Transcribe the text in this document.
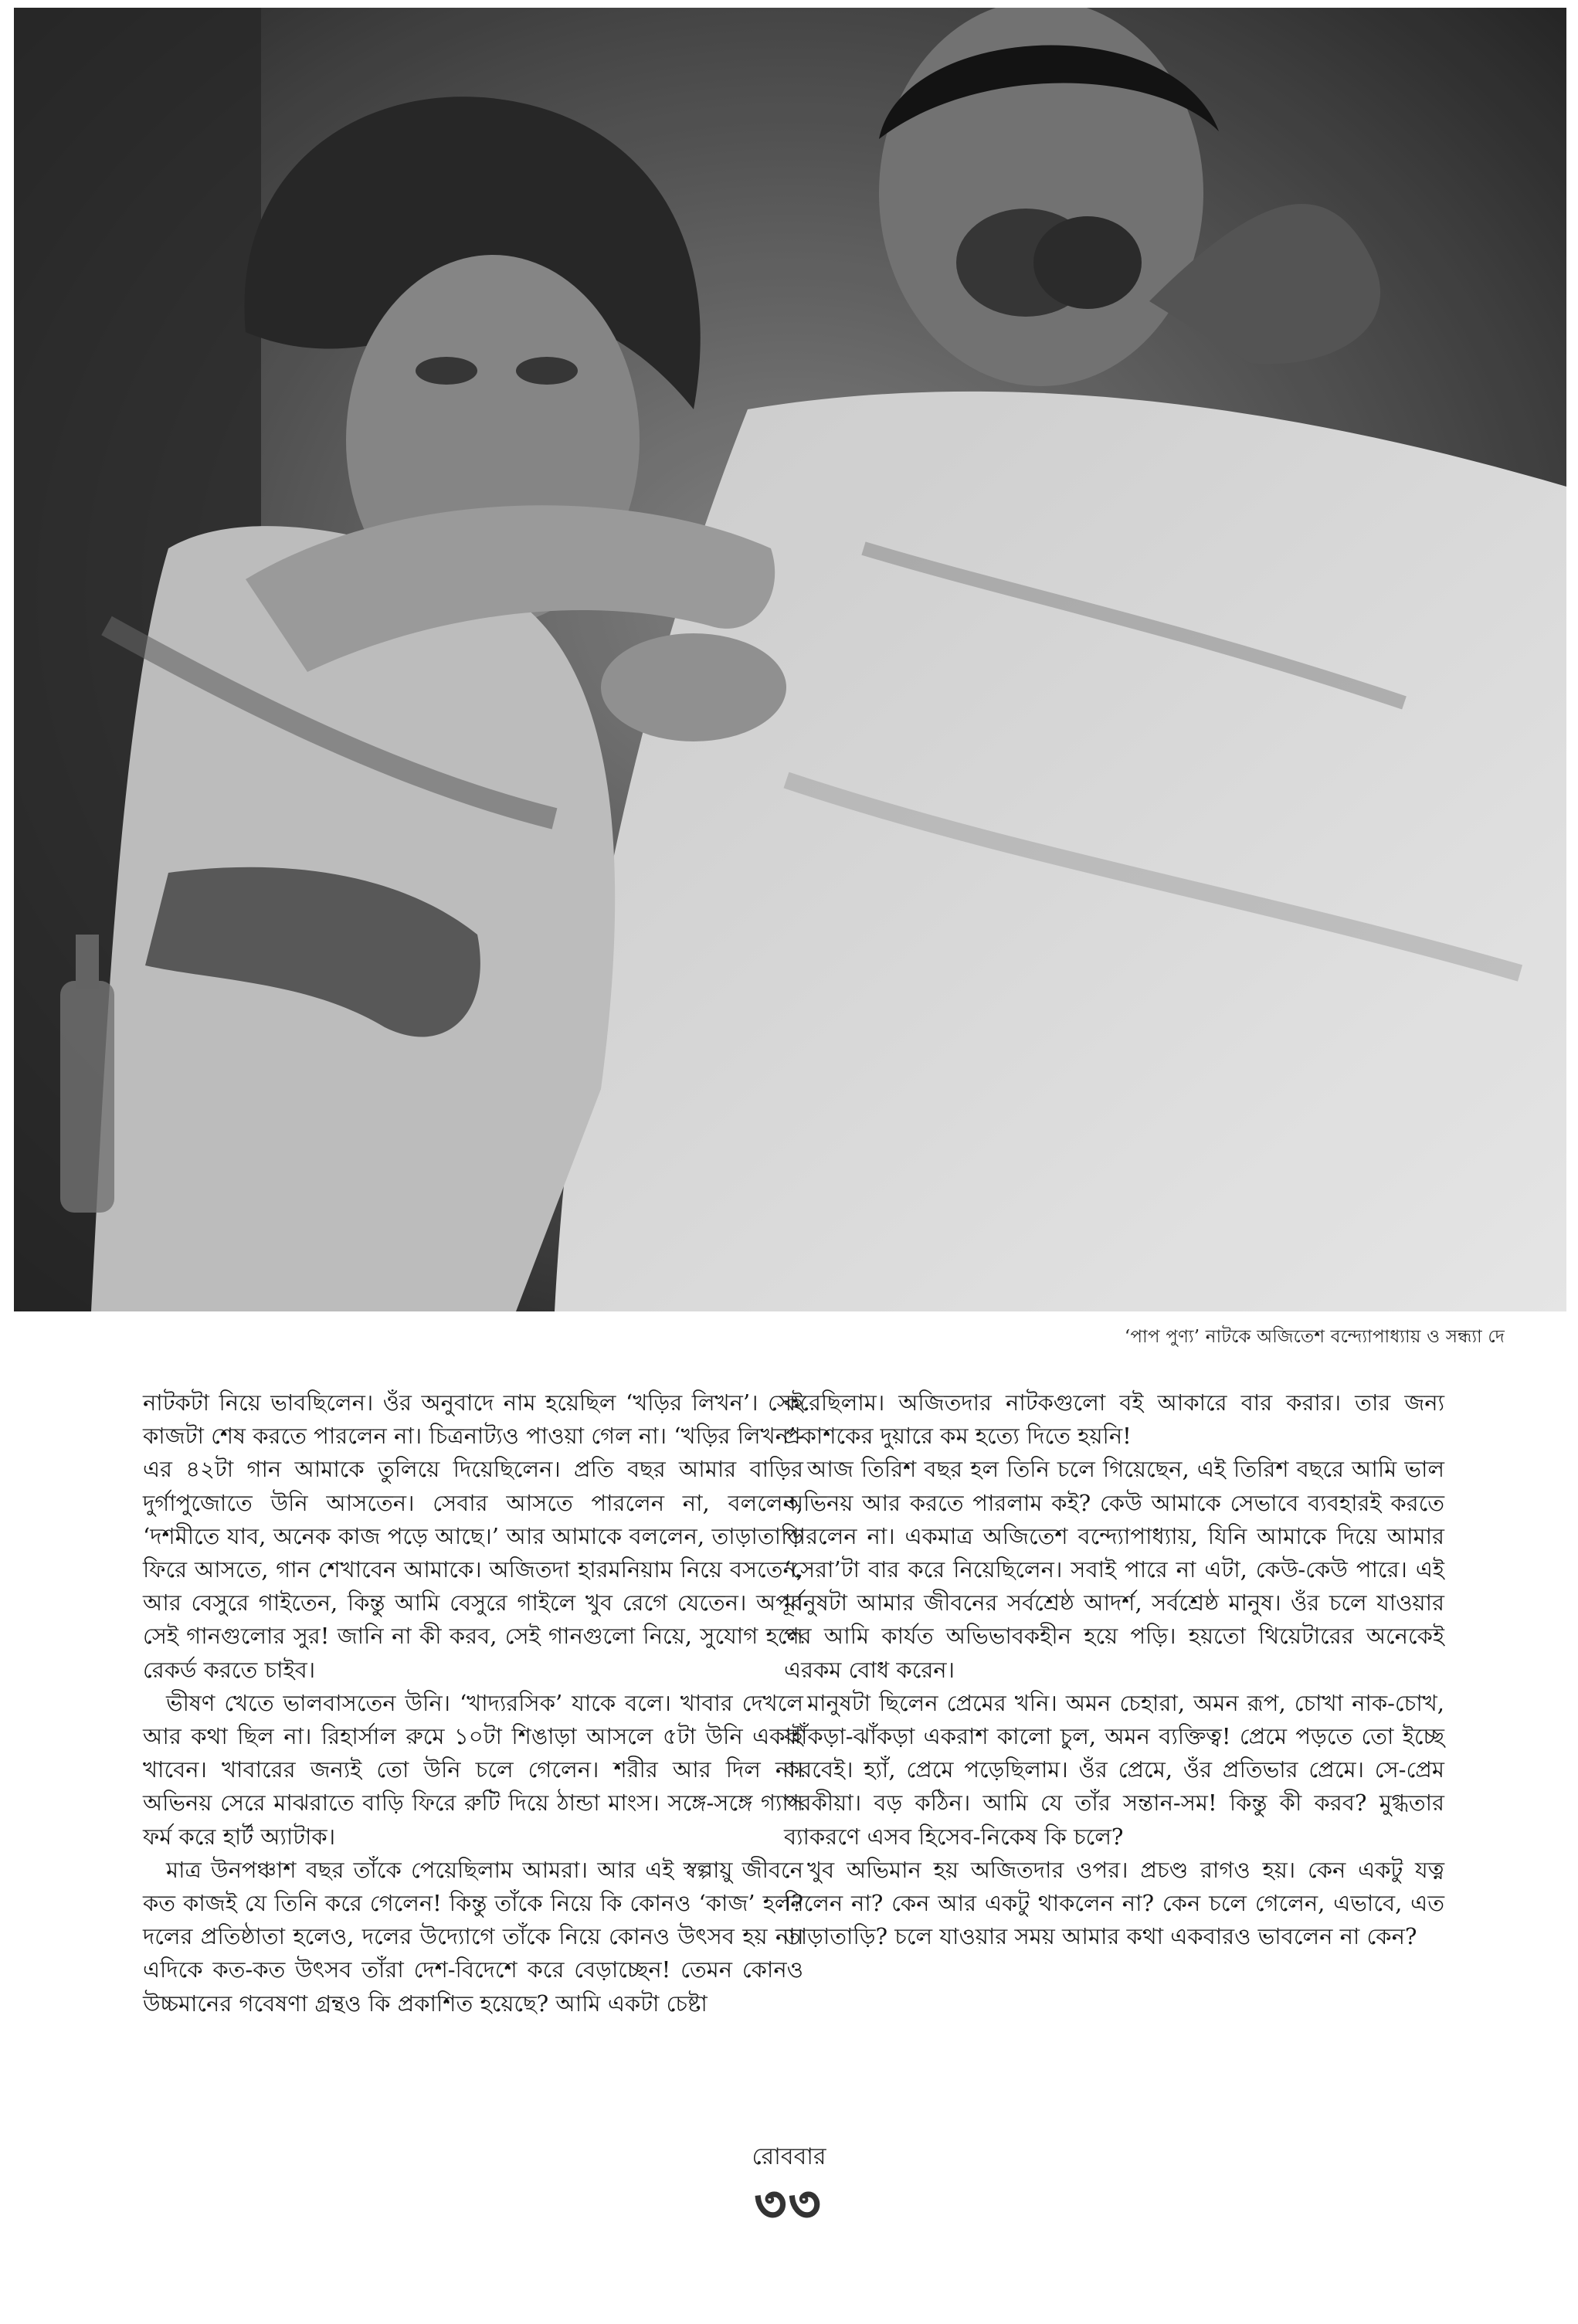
‘পাপ পুণ্য’ নাটকে অজিতেশ বন্দ্যোপাধ্যায় ও সন্ধ্যা দে

নাটকটা নিয়ে ভাবছিলেন। ওঁর অনুবাদে নাম হয়েছিল ‘খড়ির লিখন’। সেই কাজটা শেষ করতে পারলেন না। চিত্রনাট্যও পাওয়া গেল না। ‘খড়ির লিখন’-এর ৪২টা গান আমাকে তুলিয়ে দিয়েছিলেন। প্রতি বছর আমার বাড়ির দুর্গাপুজোতে উনি আসতেন। সেবার আসতে পারলেন না, বললেন, ‘দশমীতে যাব, অনেক কাজ পড়ে আছে।’ আর আমাকে বললেন, তাড়াতাড়ি ফিরে আসতে, গান শেখাবেন আমাকে। অজিতদা হারমনিয়াম নিয়ে বসতেন, আর বেসুরে গাইতেন, কিন্তু আমি বেসুরে গাইলে খুব রেগে যেতেন। অপূর্ব সেই গানগুলোর সুর! জানি না কী করব, সেই গানগুলো নিয়ে, সুযোগ হলে রেকর্ড করতে চাইব।

ভীষণ খেতে ভালবাসতেন উনি। ‘খাদ্যরসিক’ যাকে বলে। খাবার দেখলে আর কথা ছিল না। রিহার্সাল রুমে ১০টা শিঙাড়া আসলে ৫টা উনি একাই খাবেন। খাবারের জন্যই তো উনি চলে গেলেন। শরীর আর দিল না। অভিনয় সেরে মাঝরাতে বাড়ি ফিরে রুটি দিয়ে ঠান্ডা মাংস। সঙ্গে-সঙ্গে গ্যাস ফর্ম করে হার্ট অ্যাটাক।

মাত্র উনপঞ্চাশ বছর তাঁকে পেয়েছিলাম আমরা। আর এই স্বল্পায়ু জীবনে কত কাজই যে তিনি করে গেলেন! কিন্তু তাঁকে নিয়ে কি কোনও ‘কাজ’ হল? দলের প্রতিষ্ঠাতা হলেও, দলের উদ্যোগে তাঁকে নিয়ে কোনও উৎসব হয় না। এদিকে কত-কত উৎসব তাঁরা দেশ-বিদেশে করে বেড়াচ্ছেন! তেমন কোনও উচ্চমানের গবেষণা গ্রন্থও কি প্রকাশিত হয়েছে? আমি একটা চেষ্টা

করেছিলাম। অজিতদার নাটকগুলো বই আকারে বার করার। তার জন্য প্রকাশকের দুয়ারে কম হত্যে দিতে হয়নি!

আজ তিরিশ বছর হল তিনি চলে গিয়েছেন, এই তিরিশ বছরে আমি ভাল অভিনয় আর করতে পারলাম কই? কেউ আমাকে সেভাবে ব্যবহারই করতে পারলেন না। একমাত্র অজিতেশ বন্দ্যোপাধ্যায়, যিনি আমাকে দিয়ে আমার ‘সেরা’টা বার করে নিয়েছিলেন। সবাই পারে না এটা, কেউ-কেউ পারে। এই মানুষটা আমার জীবনের সর্বশ্রেষ্ঠ আদর্শ, সর্বশ্রেষ্ঠ মানুষ। ওঁর চলে যাওয়ার পর আমি কার্যত অভিভাবকহীন হয়ে পড়ি। হয়তো থিয়েটারের অনেকেই এরকম বোধ করেন।

মানুষটা ছিলেন প্রেমের খনি। অমন চেহারা, অমন রূপ, চোখা নাক-চোখ, ঝাঁকড়া-ঝাঁকড়া একরাশ কালো চুল, অমন ব্যক্তিত্ব! প্রেমে পড়তে তো ইচ্ছে করবেই। হ্যাঁ, প্রেমে পড়েছিলাম। ওঁর প্রেমে, ওঁর প্রতিভার প্রেমে। সে-প্রেম পরকীয়া। বড় কঠিন। আমি যে তাঁর সন্তান-সম! কিন্তু কী করব? মুগ্ধতার ব্যাকরণে এসব হিসেব-নিকেষ কি চলে?

খুব অভিমান হয় অজিতদার ওপর। প্রচণ্ড রাগও হয়। কেন একটু যত্ন নিলেন না? কেন আর একটু থাকলেন না? কেন চলে গেলেন, এভাবে, এত তাড়াতাড়ি? চলে যাওয়ার সময় আমার কথা একবারও ভাবলেন না কেন?

রোববার
৩৩
